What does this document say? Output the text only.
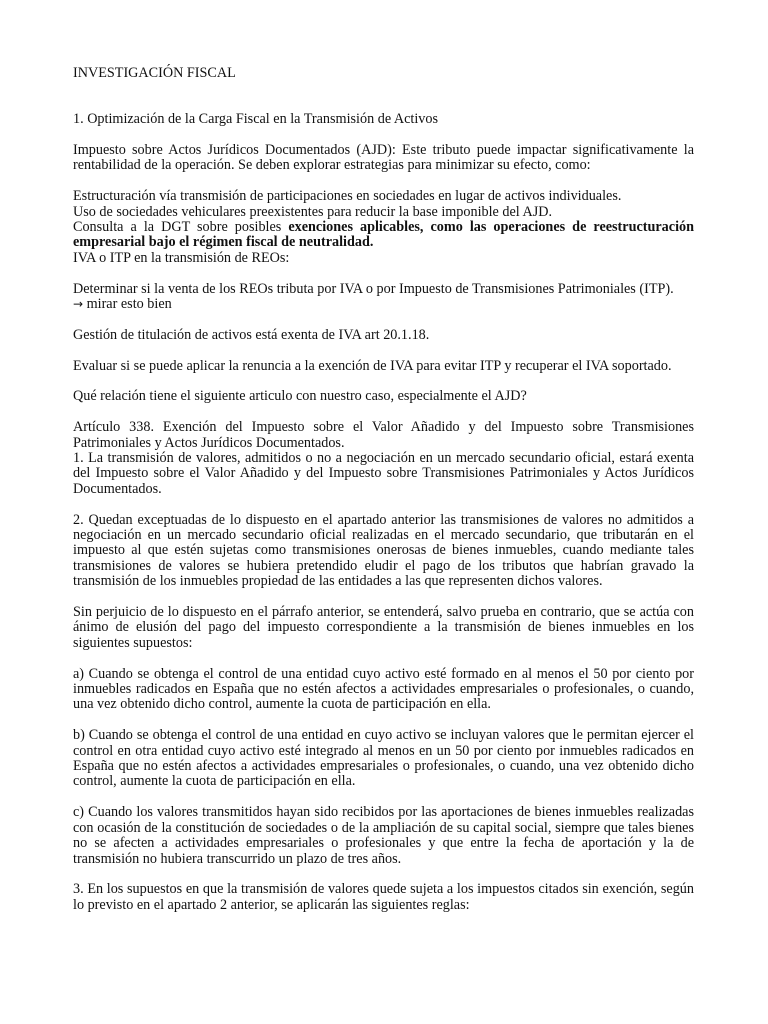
INVESTIGACIÓN FISCAL

1. Optimización de la Carga Fiscal en la Transmisión de Activos

Impuesto sobre Actos Jurídicos Documentados (AJD): Este tributo puede impactar significativamente la rentabilidad de la operación. Se deben explorar estrategias para minimizar su efecto, como:

Estructuración vía transmisión de participaciones en sociedades en lugar de activos individuales.

Uso de sociedades vehiculares preexistentes para reducir la base imponible del AJD.

Consulta a la DGT sobre posibles exenciones aplicables, como las operaciones de reestructuración empresarial bajo el régimen fiscal de neutralidad.

IVA o ITP en la transmisión de REOs:

Determinar si la venta de los REOs tributa por IVA o por Impuesto de Transmisiones Patrimoniales (ITP).
→ mirar esto bien

Gestión de titulación de activos está exenta de IVA art 20.1.18.

Evaluar si se puede aplicar la renuncia a la exención de IVA para evitar ITP y recuperar el IVA soportado.

Qué relación tiene el siguiente articulo con nuestro caso, especialmente el AJD?

Artículo 338. Exención del Impuesto sobre el Valor Añadido y del Impuesto sobre Transmisiones Patrimoniales y Actos Jurídicos Documentados.

1. La transmisión de valores, admitidos o no a negociación en un mercado secundario oficial, estará exenta del Impuesto sobre el Valor Añadido y del Impuesto sobre Transmisiones Patrimoniales y Actos Jurídicos Documentados.

2. Quedan exceptuadas de lo dispuesto en el apartado anterior las transmisiones de valores no admitidos a negociación en un mercado secundario oficial realizadas en el mercado secundario, que tributarán en el impuesto al que estén sujetas como transmisiones onerosas de bienes inmuebles, cuando mediante tales transmisiones de valores se hubiera pretendido eludir el pago de los tributos que habrían gravado la transmisión de los inmuebles propiedad de las entidades a las que representen dichos valores.

Sin perjuicio de lo dispuesto en el párrafo anterior, se entenderá, salvo prueba en contrario, que se actúa con ánimo de elusión del pago del impuesto correspondiente a la transmisión de bienes inmuebles en los siguientes supuestos:

a) Cuando se obtenga el control de una entidad cuyo activo esté formado en al menos el 50 por ciento por inmuebles radicados en España que no estén afectos a actividades empresariales o profesionales, o cuando, una vez obtenido dicho control, aumente la cuota de participación en ella.

b) Cuando se obtenga el control de una entidad en cuyo activo se incluyan valores que le permitan ejercer el control en otra entidad cuyo activo esté integrado al menos en un 50 por ciento por inmuebles radicados en España que no estén afectos a actividades empresariales o profesionales, o cuando, una vez obtenido dicho control, aumente la cuota de participación en ella.

c) Cuando los valores transmitidos hayan sido recibidos por las aportaciones de bienes inmuebles realizadas con ocasión de la constitución de sociedades o de la ampliación de su capital social, siempre que tales bienes no se afecten a actividades empresariales o profesionales y que entre la fecha de aportación y la de transmisión no hubiera transcurrido un plazo de tres años.

3. En los supuestos en que la transmisión de valores quede sujeta a los impuestos citados sin exención, según lo previsto en el apartado 2 anterior, se aplicarán las siguientes reglas:
